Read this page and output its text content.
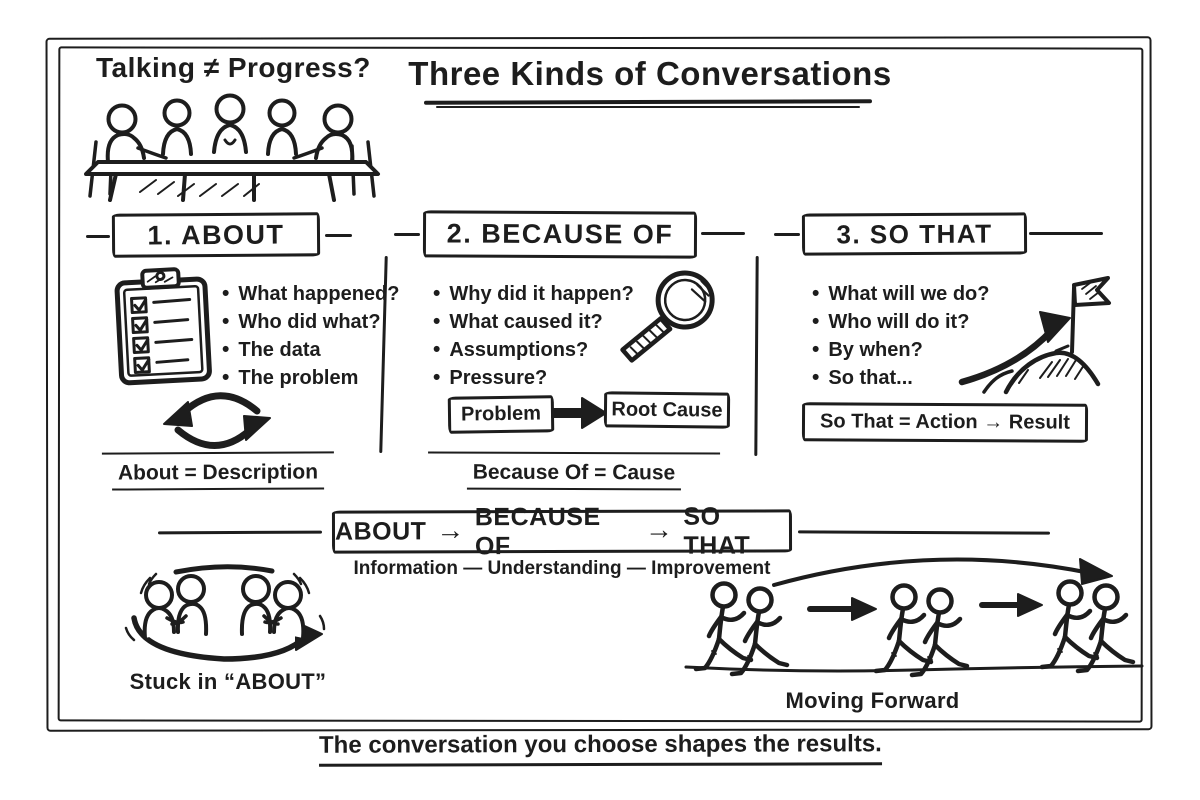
Talking ≠ Progress? Three Kinds of Conversations
1. ABOUT	2. BECAUSE OF	3. SO THAT
• What happened?
• Who did what?
• The data
• The problem
About = Description
• Why did it happen?
• What caused it?
• Assumptions?
• Pressure?
Problem	Root Cause
Because Of = Cause
• What will we do?
• Who will do it?
• By when?
• So that...
So That = Action → Result
ABOUT → BECAUSE OF
→ SO THAT
Information — Understanding — Improvement
Stuck in “ABOUT”
Moving Forward
The conversation you choose shapes the results.
